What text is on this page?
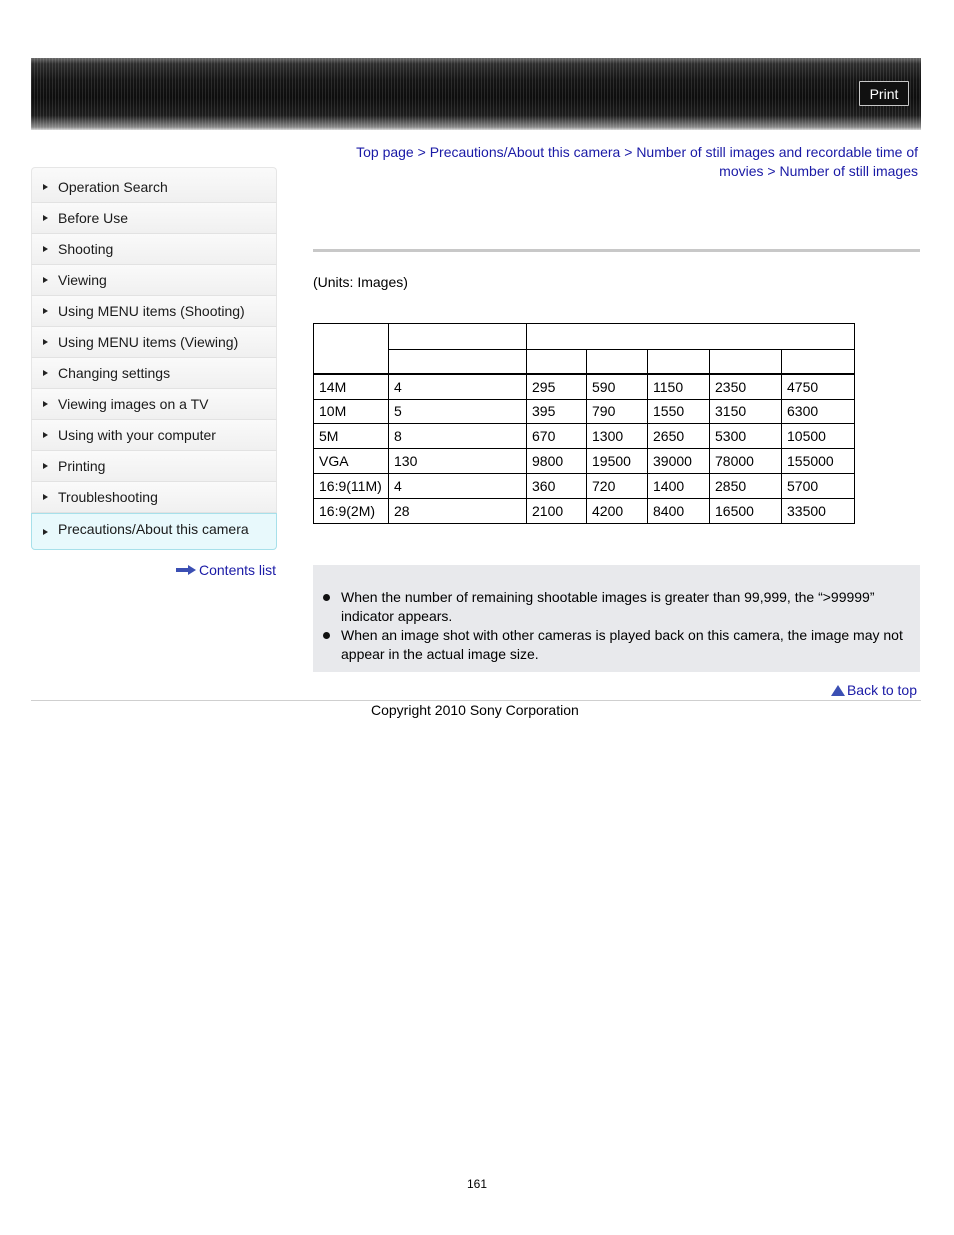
Print
Top page > Precautions/About this camera > Number of still images and recordable time of movies > Number of still images
Operation Search
Before Use
Shooting
Viewing
Using MENU items (Shooting)
Using MENU items (Viewing)
Changing settings
Viewing images on a TV
Using with your computer
Printing
Troubleshooting
Precautions/About this camera
Contents list
(Units: Images)

14M	4	295	590	1150	2350	4750
10M	5	395	790	1550	3150	6300
5M	8	670	1300	2650	5300	10500
VGA	130	9800	19500	39000	78000	155000
16:9(11M)	4	360	720	1400	2850	5700
16:9(2M)	28	2100	4200	8400	16500	33500
When the number of remaining shootable images is greater than 99,999, the “>99999” indicator appears.
When an image shot with other cameras is played back on this camera, the image may not appear in the actual image size.
Back to top
Copyright 2010 Sony Corporation
161
